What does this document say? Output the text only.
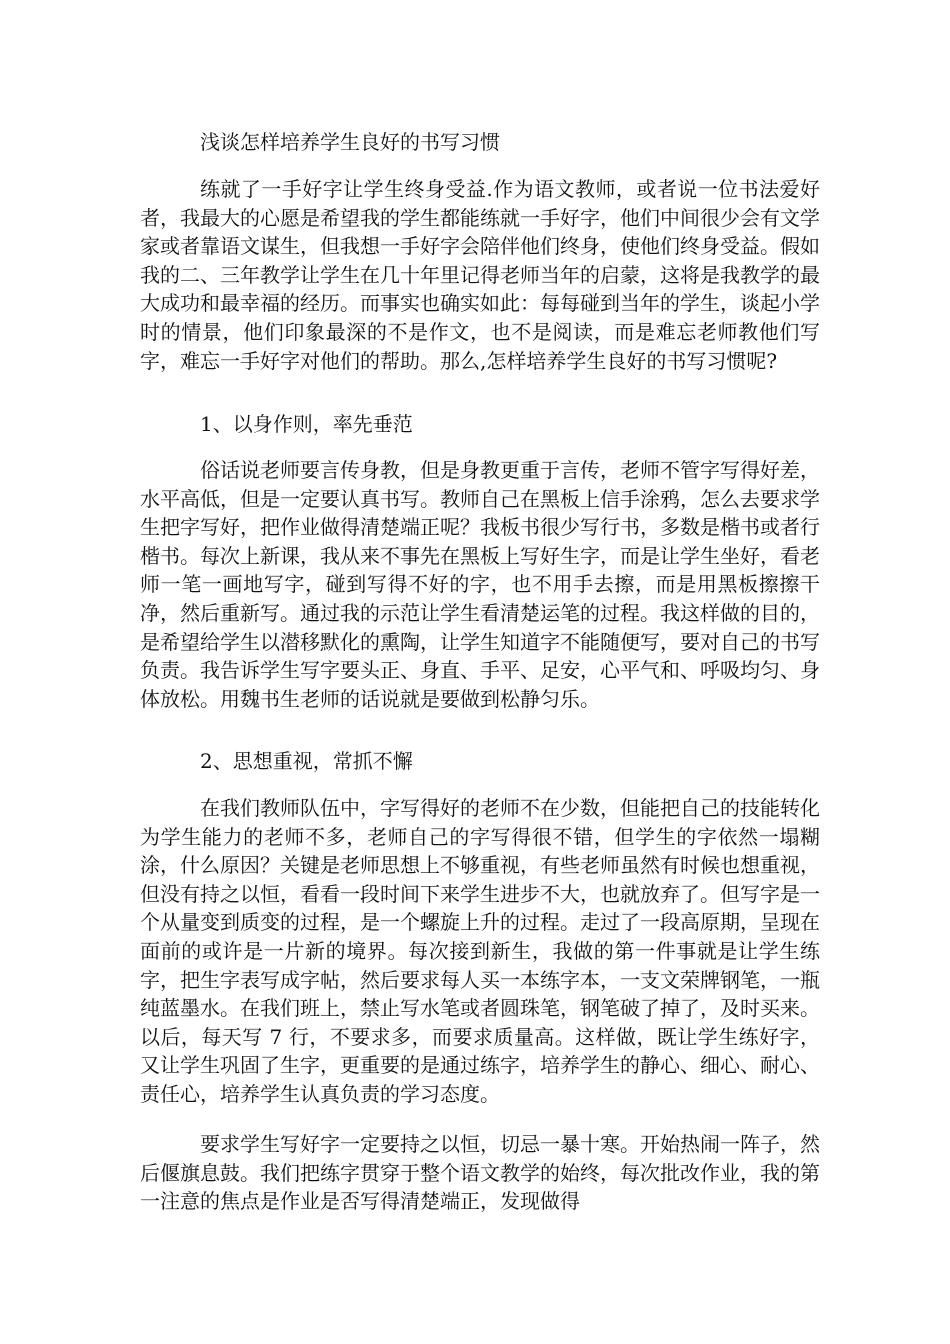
浅谈怎样培养学生良好的书写习惯

练就了一手好字让学生终身受益.作为语文教师，或者说一位书法爱好者，我最大的心愿是希望我的学生都能练就一手好字，他们中间很少会有文学家或者靠语文谋生，但我想一手好字会陪伴他们终身，使他们终身受益。假如我的二、三年教学让学生在几十年里记得老师当年的启蒙，这将是我教学的最大成功和最幸福的经历。而事实也确实如此：每每碰到当年的学生，谈起小学时的情景，他们印象最深的不是作文，也不是阅读，而是难忘老师教他们写字，难忘一手好字对他们的帮助。那么,怎样培养学生良好的书写习惯呢?

1、以身作则，率先垂范

俗话说老师要言传身教，但是身教更重于言传，老师不管字写得好差，水平高低，但是一定要认真书写。教师自己在黑板上信手涂鸦，怎么去要求学生把字写好，把作业做得清楚端正呢？我板书很少写行书，多数是楷书或者行楷书。每次上新课，我从来不事先在黑板上写好生字，而是让学生坐好，看老师一笔一画地写字，碰到写得不好的字，也不用手去擦，而是用黑板擦擦干净，然后重新写。通过我的示范让学生看清楚运笔的过程。我这样做的目的，是希望给学生以潜移默化的熏陶，让学生知道字不能随便写，要对自己的书写负责。我告诉学生写字要头正、身直、手平、足安，心平气和、呼吸均匀、身体放松。用魏书生老师的话说就是要做到松静匀乐。

2、思想重视，常抓不懈

在我们教师队伍中，字写得好的老师不在少数，但能把自己的技能转化为学生能力的老师不多，老师自己的字写得很不错，但学生的字依然一塌糊涂，什么原因？关键是老师思想上不够重视，有些老师虽然有时候也想重视，但没有持之以恒，看看一段时间下来学生进步不大，也就放弃了。但写字是一个从量变到质变的过程，是一个螺旋上升的过程。走过了一段高原期，呈现在面前的或许是一片新的境界。每次接到新生，我做的第一件事就是让学生练字，把生字表写成字帖，然后要求每人买一本练字本，一支文荣牌钢笔，一瓶纯蓝墨水。在我们班上，禁止写水笔或者圆珠笔，钢笔破了掉了，及时买来。以后，每天写 7 行，不要求多，而要求质量高。这样做，既让学生练好字，又让学生巩固了生字，更重要的是通过练字，培养学生的静心、细心、耐心、责任心，培养学生认真负责的学习态度。

要求学生写好字一定要持之以恒，切忌一暴十寒。开始热闹一阵子，然后偃旗息鼓。我们把练字贯穿于整个语文教学的始终，每次批改作业，我的第一注意的焦点是作业是否写得清楚端正，发现做得
